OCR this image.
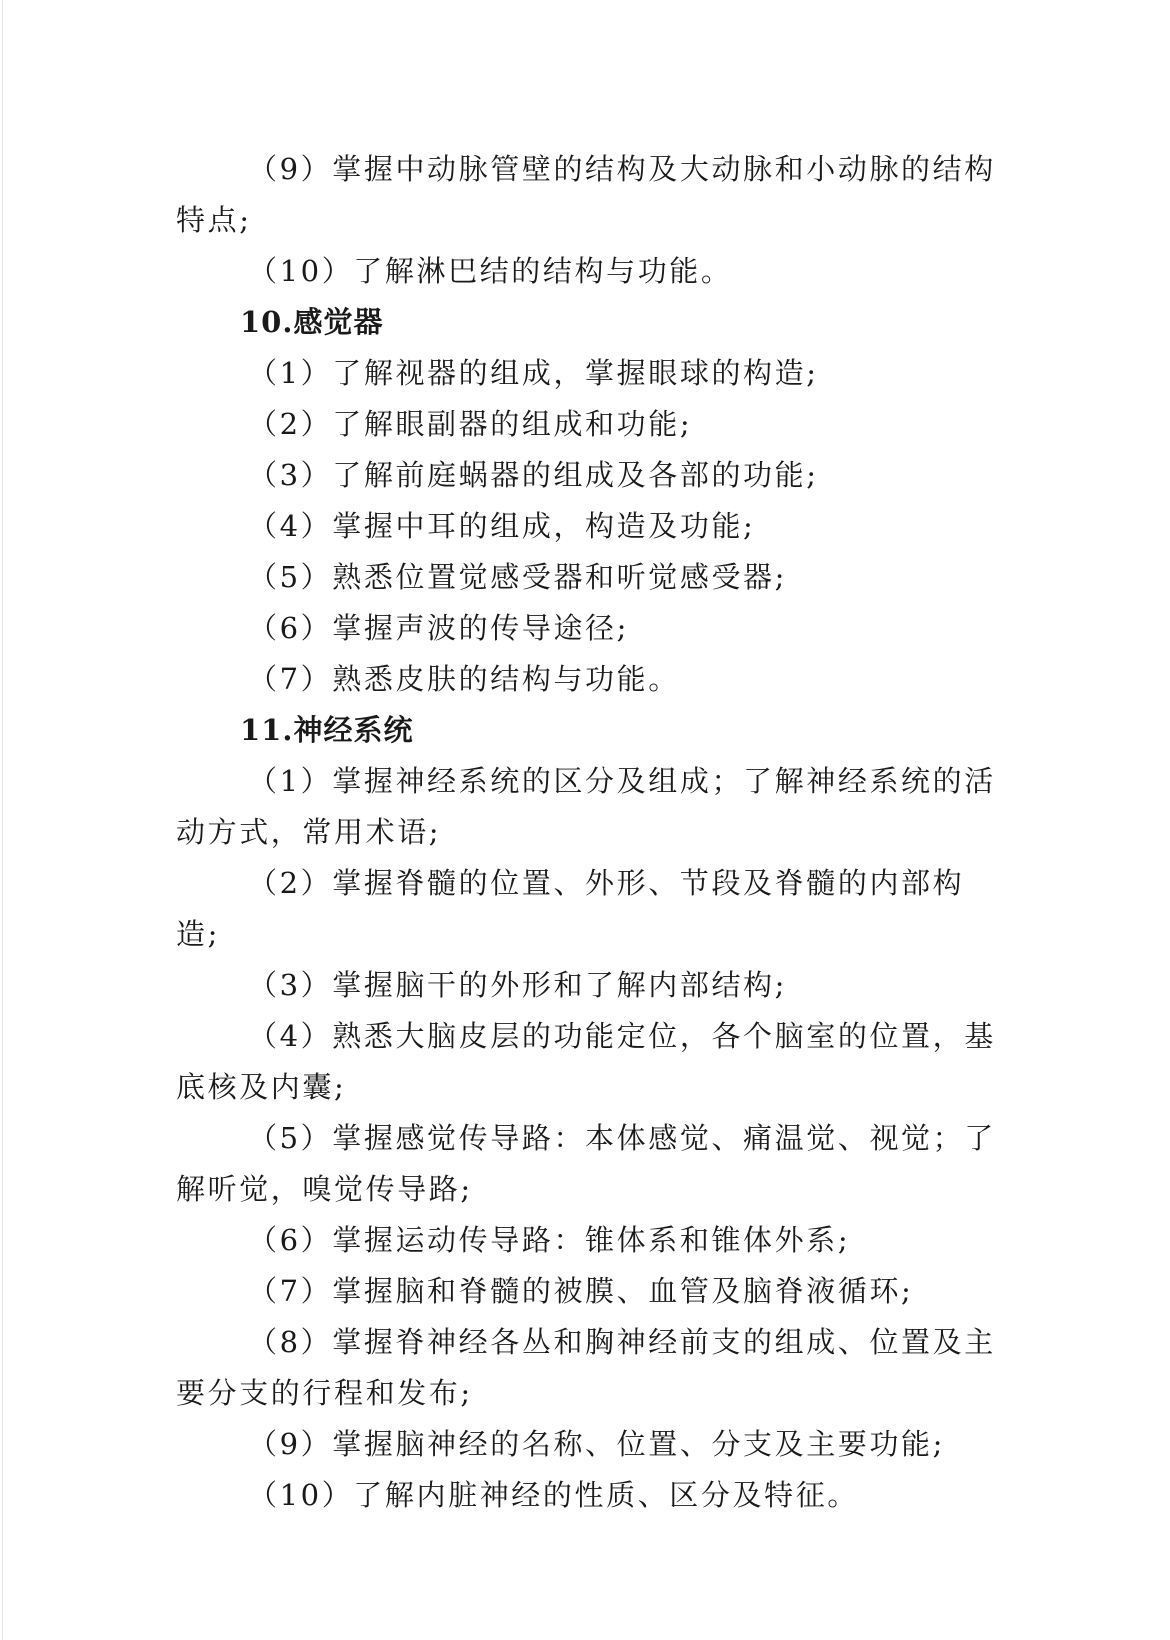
（9）掌握中动脉管壁的结构及大动脉和小动脉的结构特点;

（10）了解淋巴结的结构与功能。

10.感觉器

（1）了解视器的组成，掌握眼球的构造;

（2）了解眼副器的组成和功能;

（3）了解前庭蜗器的组成及各部的功能;

（4）掌握中耳的组成，构造及功能;

（5）熟悉位置觉感受器和听觉感受器;

（6）掌握声波的传导途径;

（7）熟悉皮肤的结构与功能。

11.神经系统

（1）掌握神经系统的区分及组成；了解神经系统的活动方式，常用术语;

（2）掌握脊髓的位置、外形、节段及脊髓的内部构造;

（3）掌握脑干的外形和了解内部结构;

（4）熟悉大脑皮层的功能定位，各个脑室的位置，基底核及内囊;

（5）掌握感觉传导路：本体感觉、痛温觉、视觉；了解听觉，嗅觉传导路;

（6）掌握运动传导路：锥体系和锥体外系;

（7）掌握脑和脊髓的被膜、血管及脑脊液循环;

（8）掌握脊神经各丛和胸神经前支的组成、位置及主要分支的行程和发布;

（9）掌握脑神经的名称、位置、分支及主要功能;

（10）了解内脏神经的性质、区分及特征。
